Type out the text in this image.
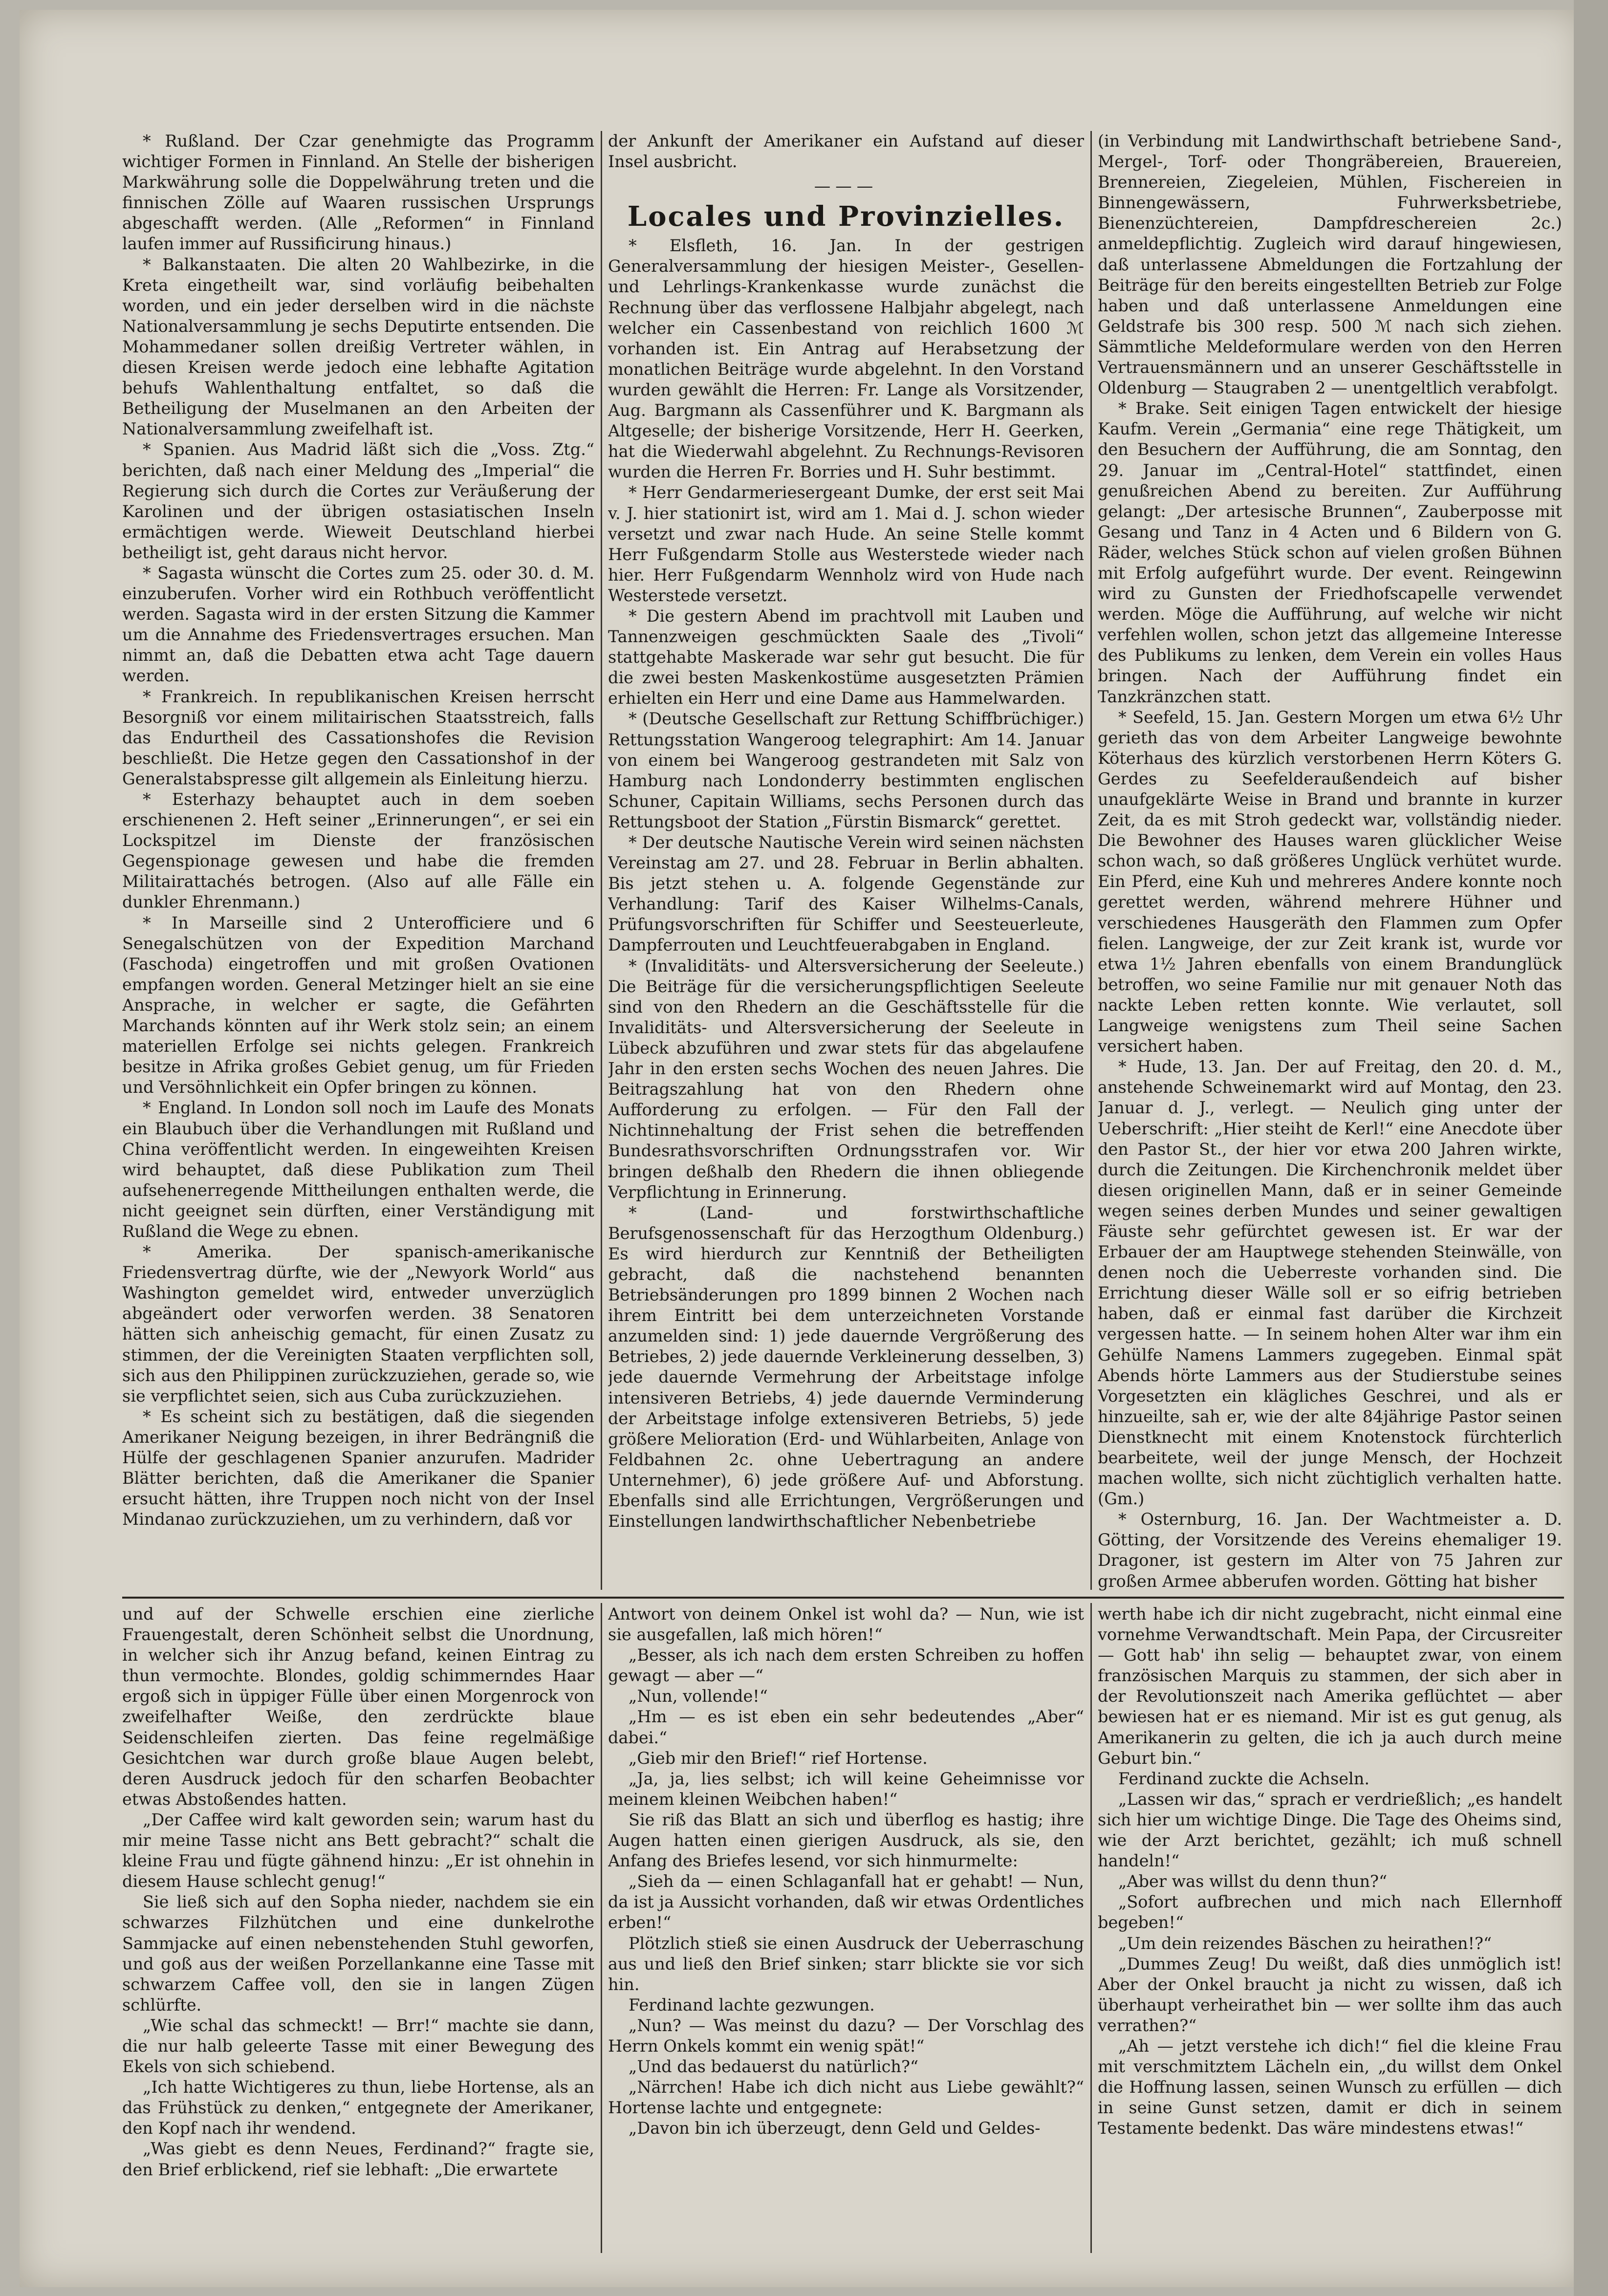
* Rußland. Der Czar genehmigte das Programm wichtiger Formen in Finnland. An Stelle der bisherigen Markwährung solle die Doppelwährung treten und die finnischen Zölle auf Waaren russischen Ursprungs abgeschafft werden. (Alle „Reformen“ in Finnland laufen immer auf Russificirung hinaus.)

* Balkanstaaten. Die alten 20 Wahlbezirke, in die Kreta eingetheilt war, sind vorläufig beibehalten worden, und ein jeder derselben wird in die nächste Nationalversammlung je sechs Deputirte entsenden. Die Mohammedaner sollen dreißig Vertreter wählen, in diesen Kreisen werde jedoch eine lebhafte Agitation behufs Wahlenthaltung entfaltet, so daß die Betheiligung der Muselmanen an den Arbeiten der Nationalversammlung zweifelhaft ist.

* Spanien. Aus Madrid läßt sich die „Voss. Ztg.“ berichten, daß nach einer Meldung des „Imperial“ die Regierung sich durch die Cortes zur Veräußerung der Karolinen und der übrigen ostasiatischen Inseln ermächtigen werde. Wieweit Deutschland hierbei betheiligt ist, geht daraus nicht hervor.

* Sagasta wünscht die Cortes zum 25. oder 30. d. M. einzuberufen. Vorher wird ein Rothbuch veröffentlicht werden. Sagasta wird in der ersten Sitzung die Kammer um die Annahme des Friedensvertrages ersuchen. Man nimmt an, daß die Debatten etwa acht Tage dauern werden.

* Frankreich. In republikanischen Kreisen herrscht Besorgniß vor einem militairischen Staatsstreich, falls das Endurtheil des Cassationshofes die Revision beschließt. Die Hetze gegen den Cassationshof in der Generalstabspresse gilt allgemein als Einleitung hierzu.

* Esterhazy behauptet auch in dem soeben erschienenen 2. Heft seiner „Erinnerungen“, er sei ein Lockspitzel im Dienste der französischen Gegenspionage gewesen und habe die fremden Militairattachés betrogen. (Also auf alle Fälle ein dunkler Ehrenmann.)

* In Marseille sind 2 Unterofficiere und 6 Senegalschützen von der Expedition Marchand (Faschoda) eingetroffen und mit großen Ovationen empfangen worden. General Metzinger hielt an sie eine Ansprache, in welcher er sagte, die Gefährten Marchands könnten auf ihr Werk stolz sein; an einem materiellen Erfolge sei nichts gelegen. Frankreich besitze in Afrika großes Gebiet genug, um für Frieden und Versöhnlichkeit ein Opfer bringen zu können.

* England. In London soll noch im Laufe des Monats ein Blaubuch über die Verhandlungen mit Rußland und China veröffentlicht werden. In eingeweihten Kreisen wird behauptet, daß diese Publikation zum Theil aufsehenerregende Mittheilungen enthalten werde, die nicht geeignet sein dürften, einer Verständigung mit Rußland die Wege zu ebnen.

* Amerika. Der spanisch-amerikanische Friedensvertrag dürfte, wie der „Newyork World“ aus Washington gemeldet wird, entweder unverzüglich abgeändert oder verworfen werden. 38 Senatoren hätten sich anheischig gemacht, für einen Zusatz zu stimmen, der die Vereinigten Staaten verpflichten soll, sich aus den Philippinen zurückzuziehen, gerade so, wie sie verpflichtet seien, sich aus Cuba zurückzuziehen.

* Es scheint sich zu bestätigen, daß die siegenden Amerikaner Neigung bezeigen, in ihrer Bedrängniß die Hülfe der geschlagenen Spanier anzurufen. Madrider Blätter berichten, daß die Amerikaner die Spanier ersucht hätten, ihre Truppen noch nicht von der Insel Mindanao zurückzuziehen, um zu verhindern, daß vor

der Ankunft der Amerikaner ein Aufstand auf dieser Insel ausbricht.

———
Locales und Provinzielles.

* Elsfleth, 16. Jan. In der gestrigen Generalversammlung der hiesigen Meister-, Gesellen- und Lehrlings-Krankenkasse wurde zunächst die Rechnung über das verflossene Halbjahr abgelegt, nach welcher ein Cassenbestand von reichlich 1600 ℳ vorhanden ist. Ein Antrag auf Herabsetzung der monatlichen Beiträge wurde abgelehnt. In den Vorstand wurden gewählt die Herren: Fr. Lange als Vorsitzender, Aug. Bargmann als Cassenführer und K. Bargmann als Altgeselle; der bisherige Vorsitzende, Herr H. Geerken, hat die Wiederwahl abgelehnt. Zu Rechnungs-Revisoren wurden die Herren Fr. Borries und H. Suhr bestimmt.

* Herr Gendarmeriesergeant Dumke, der erst seit Mai v. J. hier stationirt ist, wird am 1. Mai d. J. schon wieder versetzt und zwar nach Hude. An seine Stelle kommt Herr Fußgendarm Stolle aus Westerstede wieder nach hier. Herr Fußgendarm Wennholz wird von Hude nach Westerstede versetzt.

* Die gestern Abend im prachtvoll mit Lauben und Tannenzweigen geschmückten Saale des „Tivoli“ stattgehabte Maskerade war sehr gut besucht. Die für die zwei besten Maskenkostüme ausgesetzten Prämien erhielten ein Herr und eine Dame aus Hammelwarden.

* (Deutsche Gesellschaft zur Rettung Schiffbrüchiger.) Rettungsstation Wangeroog telegraphirt: Am 14. Januar von einem bei Wangeroog gestrandeten mit Salz von Hamburg nach Londonderry bestimmten englischen Schuner, Capitain Williams, sechs Personen durch das Rettungsboot der Station „Fürstin Bismarck“ gerettet.

* Der deutsche Nautische Verein wird seinen nächsten Vereinstag am 27. und 28. Februar in Berlin abhalten. Bis jetzt stehen u. A. folgende Gegenstände zur Verhandlung: Tarif des Kaiser Wilhelms-Canals, Prüfungsvorschriften für Schiffer und Seesteuerleute, Dampferrouten und Leuchtfeuerabgaben in England.

* (Invaliditäts- und Altersversicherung der Seeleute.) Die Beiträge für die versicherungspflichtigen Seeleute sind von den Rhedern an die Geschäftsstelle für die Invaliditäts- und Altersversicherung der Seeleute in Lübeck abzuführen und zwar stets für das abgelaufene Jahr in den ersten sechs Wochen des neuen Jahres. Die Beitragszahlung hat von den Rhedern ohne Aufforderung zu erfolgen. — Für den Fall der Nichtinnehaltung der Frist sehen die betreffenden Bundesrathsvorschriften Ordnungsstrafen vor. Wir bringen deßhalb den Rhedern die ihnen obliegende Verpflichtung in Erinnerung.

* (Land- und forstwirthschaftliche Berufsgenossenschaft für das Herzogthum Oldenburg.) Es wird hierdurch zur Kenntniß der Betheiligten gebracht, daß die nachstehend benannten Betriebsänderungen pro 1899 binnen 2 Wochen nach ihrem Eintritt bei dem unterzeichneten Vorstande anzumelden sind: 1) jede dauernde Vergrößerung des Betriebes, 2) jede dauernde Verkleinerung desselben, 3) jede dauernde Vermehrung der Arbeitstage infolge intensiveren Betriebs, 4) jede dauernde Verminderung der Arbeitstage infolge extensiveren Betriebs, 5) jede größere Melioration (Erd- und Wühlarbeiten, Anlage von Feldbahnen 2c. ohne Uebertragung an andere Unternehmer), 6) jede größere Auf- und Abforstung. Ebenfalls sind alle Errichtungen, Vergrößerungen und Einstellungen landwirthschaftlicher Nebenbetriebe

(in Verbindung mit Landwirthschaft betriebene Sand-, Mergel-, Torf- oder Thongräbereien, Brauereien, Brennereien, Ziegeleien, Mühlen, Fischereien in Binnengewässern, Fuhrwerksbetriebe, Bienenzüchtereien, Dampfdreschereien 2c.) anmeldepflichtig. Zugleich wird darauf hingewiesen, daß unterlassene Abmeldungen die Fortzahlung der Beiträge für den bereits eingestellten Betrieb zur Folge haben und daß unterlassene Anmeldungen eine Geldstrafe bis 300 resp. 500 ℳ nach sich ziehen. Sämmtliche Meldeformulare werden von den Herren Vertrauensmännern und an unserer Geschäftsstelle in Oldenburg — Staugraben 2 — unentgeltlich verabfolgt.

* Brake. Seit einigen Tagen entwickelt der hiesige Kaufm. Verein „Germania“ eine rege Thätigkeit, um den Besuchern der Aufführung, die am Sonntag, den 29. Januar im „Central-Hotel“ stattfindet, einen genußreichen Abend zu bereiten. Zur Aufführung gelangt: „Der artesische Brunnen“, Zauberposse mit Gesang und Tanz in 4 Acten und 6 Bildern von G. Räder, welches Stück schon auf vielen großen Bühnen mit Erfolg aufgeführt wurde. Der event. Reingewinn wird zu Gunsten der Friedhofscapelle verwendet werden. Möge die Aufführung, auf welche wir nicht verfehlen wollen, schon jetzt das allgemeine Interesse des Publikums zu lenken, dem Verein ein volles Haus bringen. Nach der Aufführung findet ein Tanzkränzchen statt.

* Seefeld, 15. Jan. Gestern Morgen um etwa 6½ Uhr gerieth das von dem Arbeiter Langweige bewohnte Köterhaus des kürzlich verstorbenen Herrn Köters G. Gerdes zu Seefelderaußendeich auf bisher unaufgeklärte Weise in Brand und brannte in kurzer Zeit, da es mit Stroh gedeckt war, vollständig nieder. Die Bewohner des Hauses waren glücklicher Weise schon wach, so daß größeres Unglück verhütet wurde. Ein Pferd, eine Kuh und mehreres Andere konnte noch gerettet werden, während mehrere Hühner und verschiedenes Hausgeräth den Flammen zum Opfer fielen. Langweige, der zur Zeit krank ist, wurde vor etwa 1½ Jahren ebenfalls von einem Brandunglück betroffen, wo seine Familie nur mit genauer Noth das nackte Leben retten konnte. Wie verlautet, soll Langweige wenigstens zum Theil seine Sachen versichert haben.

* Hude, 13. Jan. Der auf Freitag, den 20. d. M., anstehende Schweinemarkt wird auf Montag, den 23. Januar d. J., verlegt. — Neulich ging unter der Ueberschrift: „Hier steiht de Kerl!“ eine Anecdote über den Pastor St., der hier vor etwa 200 Jahren wirkte, durch die Zeitungen. Die Kirchenchronik meldet über diesen originellen Mann, daß er in seiner Gemeinde wegen seines derben Mundes und seiner gewaltigen Fäuste sehr gefürchtet gewesen ist. Er war der Erbauer der am Hauptwege stehenden Steinwälle, von denen noch die Ueberreste vorhanden sind. Die Errichtung dieser Wälle soll er so eifrig betrieben haben, daß er einmal fast darüber die Kirchzeit vergessen hatte. — In seinem hohen Alter war ihm ein Gehülfe Namens Lammers zugegeben. Einmal spät Abends hörte Lammers aus der Studierstube seines Vorgesetzten ein klägliches Geschrei, und als er hinzueilte, sah er, wie der alte 84jährige Pastor seinen Dienstknecht mit einem Knotenstock fürchterlich bearbeitete, weil der junge Mensch, der Hochzeit machen wollte, sich nicht züchtiglich verhalten hatte. (Gm.)

* Osternburg, 16. Jan. Der Wachtmeister a. D. Götting, der Vorsitzende des Vereins ehemaliger 19. Dragoner, ist gestern im Alter von 75 Jahren zur großen Armee abberufen worden. Götting hat bisher

und auf der Schwelle erschien eine zierliche Frauengestalt, deren Schönheit selbst die Unordnung, in welcher sich ihr Anzug befand, keinen Eintrag zu thun vermochte. Blondes, goldig schimmerndes Haar ergoß sich in üppiger Fülle über einen Morgenrock von zweifelhafter Weiße, den zerdrückte blaue Seidenschleifen zierten. Das feine regelmäßige Gesichtchen war durch große blaue Augen belebt, deren Ausdruck jedoch für den scharfen Beobachter etwas Abstoßendes hatten.

„Der Caffee wird kalt geworden sein; warum hast du mir meine Tasse nicht ans Bett gebracht?“ schalt die kleine Frau und fügte gähnend hinzu: „Er ist ohnehin in diesem Hause schlecht genug!“

Sie ließ sich auf den Sopha nieder, nachdem sie ein schwarzes Filzhütchen und eine dunkelrothe Sammjacke auf einen nebenstehenden Stuhl geworfen, und goß aus der weißen Porzellankanne eine Tasse mit schwarzem Caffee voll, den sie in langen Zügen schlürfte.

„Wie schal das schmeckt! — Brr!“ machte sie dann, die nur halb geleerte Tasse mit einer Bewegung des Ekels von sich schiebend.

„Ich hatte Wichtigeres zu thun, liebe Hortense, als an das Frühstück zu denken,“ entgegnete der Amerikaner, den Kopf nach ihr wendend.

„Was giebt es denn Neues, Ferdinand?“ fragte sie, den Brief erblickend, rief sie lebhaft: „Die erwartete

Antwort von deinem Onkel ist wohl da? — Nun, wie ist sie ausgefallen, laß mich hören!“

„Besser, als ich nach dem ersten Schreiben zu hoffen gewagt — aber —“

„Nun, vollende!“

„Hm — es ist eben ein sehr bedeutendes „Aber“ dabei.“

„Gieb mir den Brief!“ rief Hortense.

„Ja, ja, lies selbst; ich will keine Geheimnisse vor meinem kleinen Weibchen haben!“

Sie riß das Blatt an sich und überflog es hastig; ihre Augen hatten einen gierigen Ausdruck, als sie, den Anfang des Briefes lesend, vor sich hinmurmelte:

„Sieh da — einen Schlaganfall hat er gehabt! — Nun, da ist ja Aussicht vorhanden, daß wir etwas Ordentliches erben!“

Plötzlich stieß sie einen Ausdruck der Ueberraschung aus und ließ den Brief sinken; starr blickte sie vor sich hin.

Ferdinand lachte gezwungen.

„Nun? — Was meinst du dazu? — Der Vorschlag des Herrn Onkels kommt ein wenig spät!“

„Und das bedauerst du natürlich?“

„Närrchen! Habe ich dich nicht aus Liebe gewählt?“ Hortense lachte und entgegnete:

„Davon bin ich überzeugt, denn Geld und Geldes-

werth habe ich dir nicht zugebracht, nicht einmal eine vornehme Verwandtschaft. Mein Papa, der Circusreiter — Gott hab' ihn selig — behauptet zwar, von einem französischen Marquis zu stammen, der sich aber in der Revolutionszeit nach Amerika geflüchtet — aber bewiesen hat er es niemand. Mir ist es gut genug, als Amerikanerin zu gelten, die ich ja auch durch meine Geburt bin.“

Ferdinand zuckte die Achseln.

„Lassen wir das,“ sprach er verdrießlich; „es handelt sich hier um wichtige Dinge. Die Tage des Oheims sind, wie der Arzt berichtet, gezählt; ich muß schnell handeln!“

„Aber was willst du denn thun?“

„Sofort aufbrechen und mich nach Ellernhoff begeben!“

„Um dein reizendes Bäschen zu heirathen!?“

„Dummes Zeug! Du weißt, daß dies unmöglich ist! Aber der Onkel braucht ja nicht zu wissen, daß ich überhaupt verheirathet bin — wer sollte ihm das auch verrathen?“

„Ah — jetzt verstehe ich dich!“ fiel die kleine Frau mit verschmitztem Lächeln ein, „du willst dem Onkel die Hoffnung lassen, seinen Wunsch zu erfüllen — dich in seine Gunst setzen, damit er dich in seinem Testamente bedenkt. Das wäre mindestens etwas!“
